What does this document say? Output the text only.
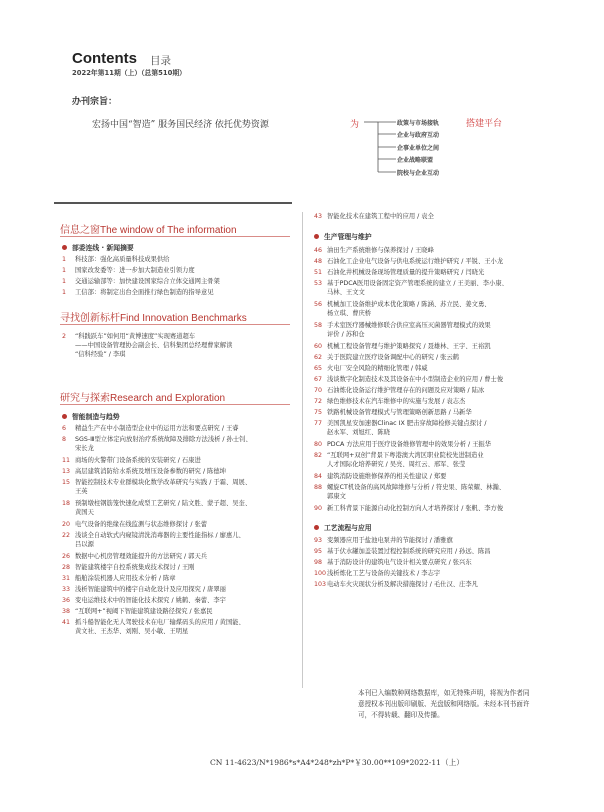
Contents 目录
2022年第11期（上）（总第510期）
办刊宗旨：
宏扬中国“智造” 服务国民经济 依托优势资源	为	政策与市场接轨	搭建平台
企业与政府互动
企事业单位之间
企业战略联盟
院校与企业互动
信息之窗The window of The information
部委连线 · 新闻摘要
1	科技部：强化高质量科技成果供给
1	国家改发委等：进一步加大制造业引领力度
1	交通运输部等：加快建设国家综合立体交通网主骨架
1	工信部：将制定出台全面推行绿色制造的指导意见
寻找创新标杆Find Innovation Benchmarks
2	“科践跃车”如何用“黄博速度”实现赛道超车
——中国设备管理协会副会长、信科集团总经理曹家解读
“信科经验” / 李琪
研究与探索Research and Exploration
智能制造与趋势
6	精益生产在中小制造型企业中的运用方法和要点研究 / 王睿
8	SGS-Ⅲ型立体定向放射治疗系统故障及排除方法浅析 / 孙士钊、
宋长龙
11 商场的火警带门设备系统的安装研究 / 石康进
13 高层建筑消防给水系统及增压设备参数的研究 / 陈德坤
15 智能控制技术专业群模块化数学改革研究与实践 / 于霜、周展、
王英
18 预制墩柱钢筋笼快速化成型工艺研究 / 陆文胜、蒙子超、吴奎、
黄国天
20 电气设备的绝缘在线监测与状态维修探讨 / 张蕾
22 浅谈全自动软式内窥镜清洗消毒器的主要性能指标 / 廖惠儿、
吕以源
26 数据中心机房管理效能提升的方法研究 / 郭天兵
28 智能建筑楼宇自控系统集成技术探讨 / 王刚
31 船舶涂装机器人应用技术分析 / 陈章
33 浅析智能建筑中的楼宇自动化设计及应用探究 / 唐翠丽
36 变电运维技术中的智能化技术探究 / 姚鹤、秦蕾、李宇
38 “互联网+”视阈下智能建筑建设路径探究 / 张嘉民
41 抓斗船智能化无人驾驶技术在电厂输煤码头的应用 / 黄国能、
黄文社、王杰华、刘刚、吴小敏、王明星
43 智能化技术在建筑工程中的应用 / 袁全
生产管理与维护
46 油田生产系统维修与保养探讨 / 王晓峰
48 石油化工企业电气设备与供电系统运行维护研究 / 平锐、王小龙
51 石油化井机械设备现场管理质量的提升策略研究 / 闫晓光
53 基于PDCA医用设备固定资产管理系统的建立 / 王美丽、李小康、
马林、王文文
56 机械加工设备维护成本优化策略 / 陈涵、苏立民、姜文勇、
杨立琪、曹庆桥
58 手术室医疗器械维修联合供应室高压灭菌器管理模式的效果
评价 / 苏和仓
60 机械工程设备管理与维护策略探究 / 聂雄林、王宇、王裕凯
62 关于医院建立医疗设备调配中心的研究 / 张云鹤
65 火电厂安全风险的精细化管理 / 韩威
67 浅谈数字化制造技术及其设备在中小型制造企业的应用 / 曹士俊
70 石油炼化设备运行维护管理存在的问题及应对策略 / 陆冰
72 绿色维修技术在汽车维修中的实施与发展 / 袁志杰
75 铁路机械设备管理模式与管理策略创新思路 / 马新华
77 美国凯星安加速器Clinac IX 肥击穿故障检修关键点探讨 /
赵永军、刘旭红、陈晓
80 PDCA 方法应用于医疗设备维修管理中的效果分析 / 王振华
82 “互联网+双创”背景下粤港澳大湾区职业院校先进制造业
人才国际化培养研究 / 吴亮、周红云、邢军、张莹
84 建筑消防设施维修保养的相关性建议 / 郑要
88 螺旋CT机设备的高风故障维修与分析 / 符史果、陈荣耀、林瀚、
郭康文
90 新工科背景下能源自动化控制方向人才培养探讨 / 张帆、李方俊
工艺流程与应用
93 变频器应用于盐池电泵井的节能探讨 / 潘雅旗
95 基于伏水罐加盖装置过程控制系统的研究应用 / 孙远、陈昌
98 基于消防设计的建筑电气设计相关要点研究 / 张兴东
100 浅析炼化工艺与设备的关键技术 / 李志宇
103 电动车火灾现状分析及解决措施探讨 / 毛仕汉、庄李凡
本刊已入编数种网络数据库，如无特殊声明，将视为作者同意授权本刊出版印刷版、光盘版和网络版。未经本刊书面许可，不得转载、翻印及传播。
CN 11-4623/N*1986*s*A4*248*zh*P*￥30.00**109*2022-11（上）
